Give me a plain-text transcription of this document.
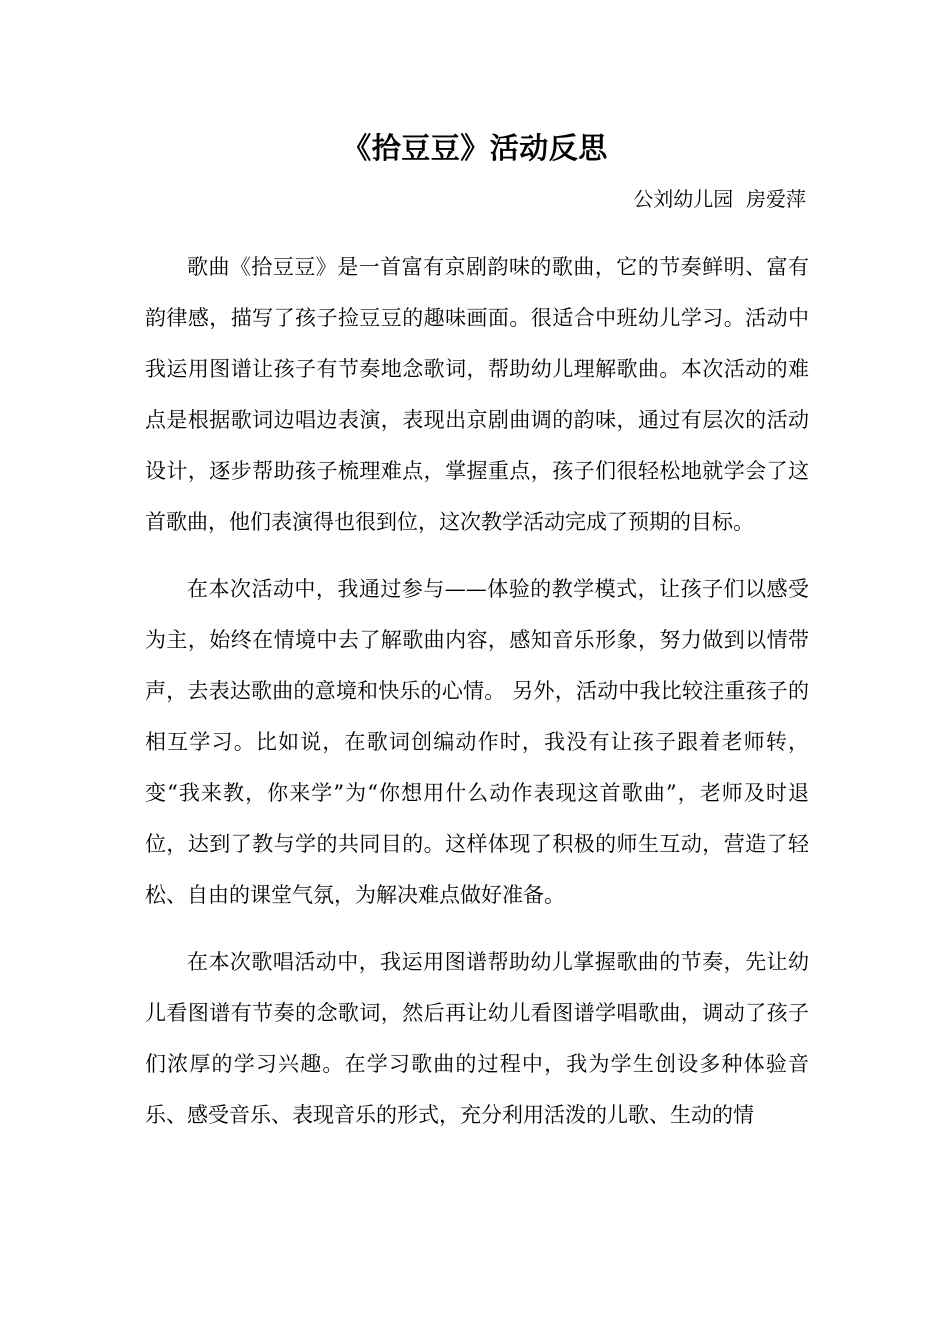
《拾豆豆》活动反思
公刘幼儿园  房爱萍

歌曲《拾豆豆》是一首富有京剧韵味的歌曲，它的节奏鲜明、富有韵律感，描写了孩子捡豆豆的趣味画面。很适合中班幼儿学习。活动中我运用图谱让孩子有节奏地念歌词，帮助幼儿理解歌曲。本次活动的难点是根据歌词边唱边表演，表现出京剧曲调的韵味，通过有层次的活动设计，逐步帮助孩子梳理难点，掌握重点，孩子们很轻松地就学会了这首歌曲，他们表演得也很到位，这次教学活动完成了预期的目标。

在本次活动中，我通过参与——体验的教学模式，让孩子们以感受为主，始终在情境中去了解歌曲内容，感知音乐形象，努力做到以情带声，去表达歌曲的意境和快乐的心情。 另外，活动中我比较注重孩子的相互学习。比如说，在歌词创编动作时，我没有让孩子跟着老师转，变“我来教，你来学”为“你想用什么动作表现这首歌曲”，老师及时退位，达到了教与学的共同目的。这样体现了积极的师生互动，营造了轻松、自由的课堂气氛，为解决难点做好准备。

在本次歌唱活动中，我运用图谱帮助幼儿掌握歌曲的节奏，先让幼儿看图谱有节奏的念歌词，然后再让幼儿看图谱学唱歌曲，调动了孩子们浓厚的学习兴趣。在学习歌曲的过程中，我为学生创设多种体验音乐、感受音乐、表现音乐的形式，充分利用活泼的儿歌、生动的情
